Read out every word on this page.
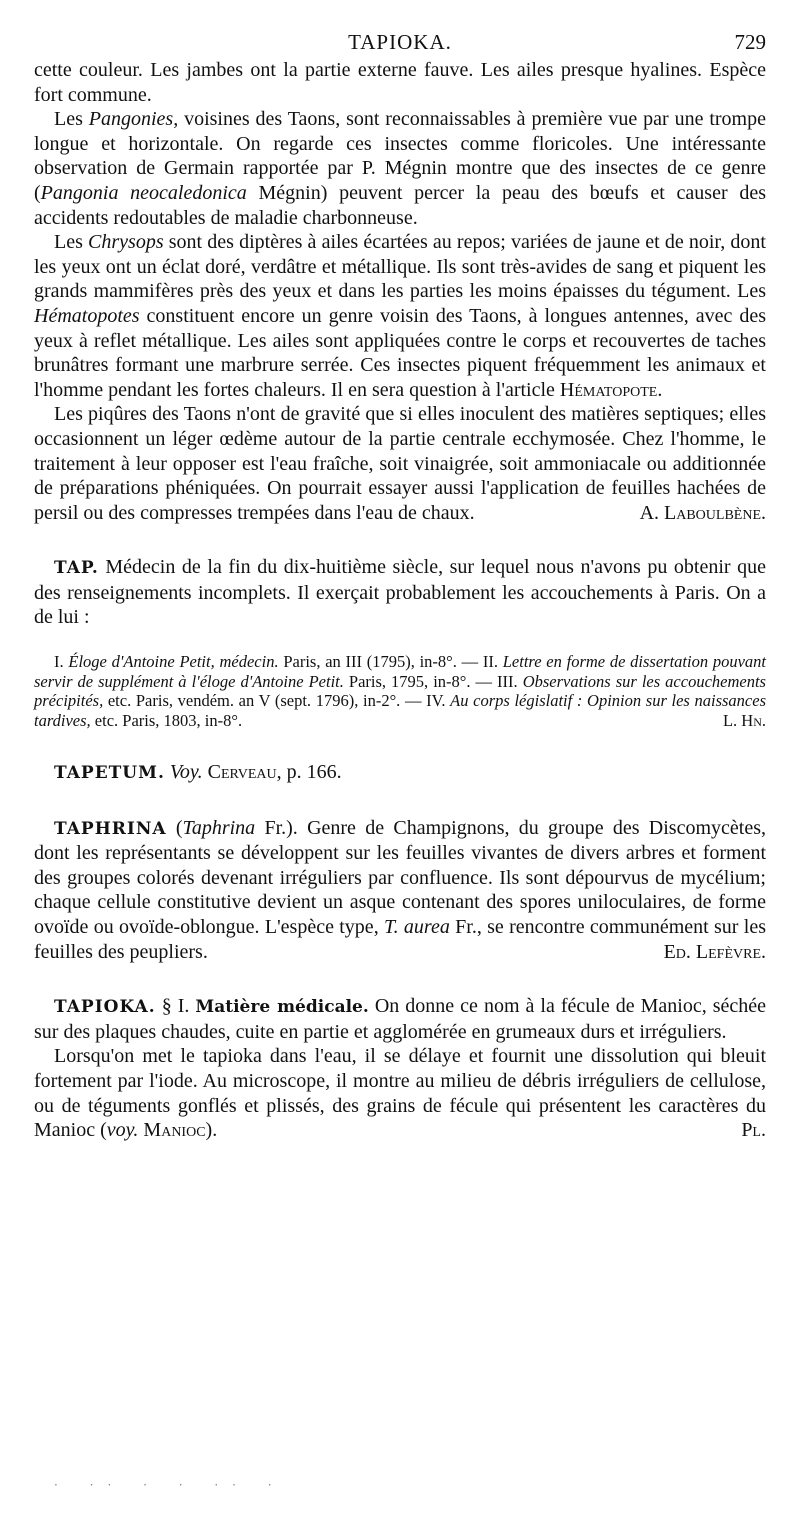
TAPIOKA.	729

cette couleur. Les jambes ont la partie externe fauve. Les ailes presque hyalines. Espèce fort commune.

Les Pangonies, voisines des Taons, sont reconnaissables à première vue par une trompe longue et horizontale. On regarde ces insectes comme floricoles. Une intéressante observation de Germain rapportée par P. Mégnin montre que des insectes de ce genre (Pangonia neocaledonica Mégnin) peuvent percer la peau des bœufs et causer des accidents redoutables de maladie charbonneuse.

Les Chrysops sont des diptères à ailes écartées au repos; variées de jaune et de noir, dont les yeux ont un éclat doré, verdâtre et métallique. Ils sont très-avides de sang et piquent les grands mammifères près des yeux et dans les parties les moins épaisses du tégument. Les Hématopotes constituent encore un genre voisin des Taons, à longues antennes, avec des yeux à reflet métallique. Les ailes sont appliquées contre le corps et recouvertes de taches brunâtres formant une marbrure serrée. Ces insectes piquent fréquemment les animaux et l'homme pendant les fortes chaleurs. Il en sera question à l'article Hématopote.

Les piqûres des Taons n'ont de gravité que si elles inoculent des matières septiques; elles occasionnent un léger œdème autour de la partie centrale ecchymosée. Chez l'homme, le traitement à leur opposer est l'eau fraîche, soit vinaigrée, soit ammoniacale ou additionnée de préparations phéniquées. On pourrait essayer aussi l'application de feuilles hachées de persil ou des compresses trempées dans l'eau de chaux.	A. Laboulbène.

TAP. Médecin de la fin du dix-huitième siècle, sur lequel nous n'avons pu obtenir que des renseignements incomplets. Il exerçait probablement les accouchements à Paris. On a de lui :

I. Éloge d'Antoine Petit, médecin. Paris, an III (1795), in-8°. — II. Lettre en forme de dissertation pouvant servir de supplément à l'éloge d'Antoine Petit. Paris, 1795, in-8°. — III. Observations sur les accouchements précipités, etc. Paris, vendém. an V (sept. 1796), in-2°. — IV. Au corps législatif : Opinion sur les naissances tardives, etc. Paris, 1803, in-8°.	L. Hn.

TAPETUM. Voy. Cerveau, p. 166.

TAPHRINA (Taphrina Fr.). Genre de Champignons, du groupe des Discomycètes, dont les représentants se développent sur les feuilles vivantes de divers arbres et forment des groupes colorés devenant irréguliers par confluence. Ils sont dépourvus de mycélium; chaque cellule constitutive devient un asque contenant des spores uniloculaires, de forme ovoïde ou ovoïde-oblongue. L'espèce type, T. aurea Fr., se rencontre communément sur les feuilles des peupliers.	Ed. Lefèvre.

TAPIOKA. § I. Matière médicale. On donne ce nom à la fécule de Manioc, séchée sur des plaques chaudes, cuite en partie et agglomérée en grumeaux durs et irréguliers.

Lorsqu'on met le tapioka dans l'eau, il se délaye et fournit une dissolution qui bleuit fortement par l'iode. Au microscope, il montre au milieu de débris irréguliers de cellulose, ou de téguments gonflés et plissés, des grains de fécule qui présentent les caractères du Manioc (voy. Manioc).	Pl.

· ·· · · ·· ·
